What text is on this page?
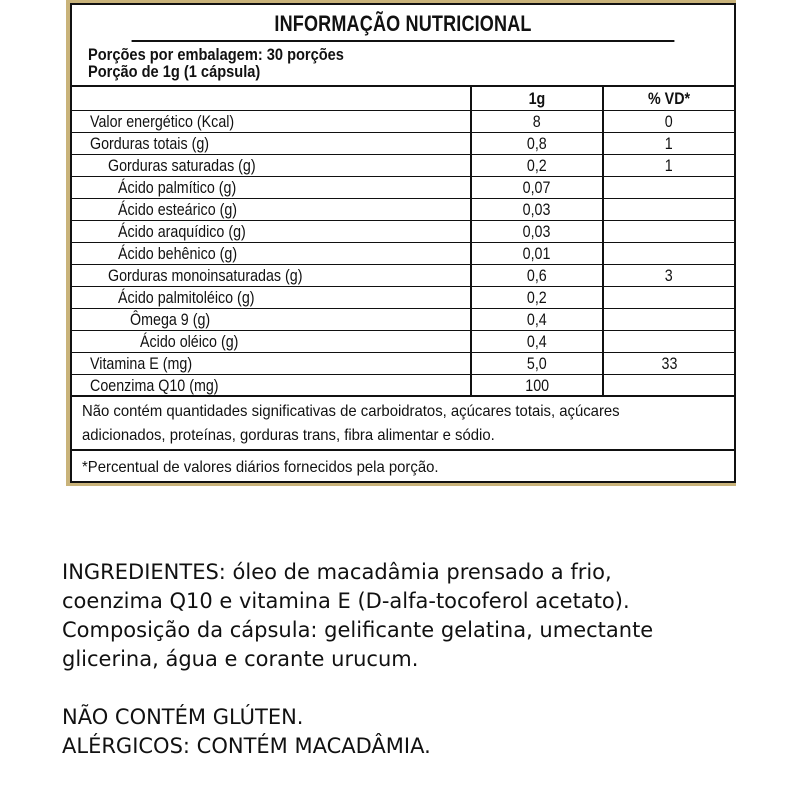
INFORMAÇÃO NUTRICIONAL
Porções por embalagem: 30 porções
Porção de 1g (1 cápsula)
1g	% VD*
Valor energético (Kcal)	8	0
Gorduras totais (g)	0,8	1
Gorduras saturadas (g)	0,2	1
Ácido palmítico (g)	0,07
Ácido esteárico (g)	0,03
Ácido araquídico (g)	0,03
Ácido behênico (g)	0,01
Gorduras monoinsaturadas (g)	0,6	3
Ácido palmitoléico (g)	0,2
Ômega 9 (g)	0,4
Ácido oléico (g)	0,4
Vitamina E (mg)	5,0	33
Coenzima Q10 (mg)	100
Não contém quantidades significativas de carboidratos, açúcares totais, açúcares
adicionados, proteínas, gorduras trans, fibra alimentar e sódio.
*Percentual de valores diários fornecidos pela porção.

INGREDIENTES: óleo de macadâmia prensado a frio,

coenzima Q10 e vitamina E (D-alfa-tocoferol acetato).

Composição da cápsula: gelificante gelatina, umectante

glicerina, água e corante urucum.

NÃO CONTÉM GLÚTEN.

ALÉRGICOS: CONTÉM MACADÂMIA.
